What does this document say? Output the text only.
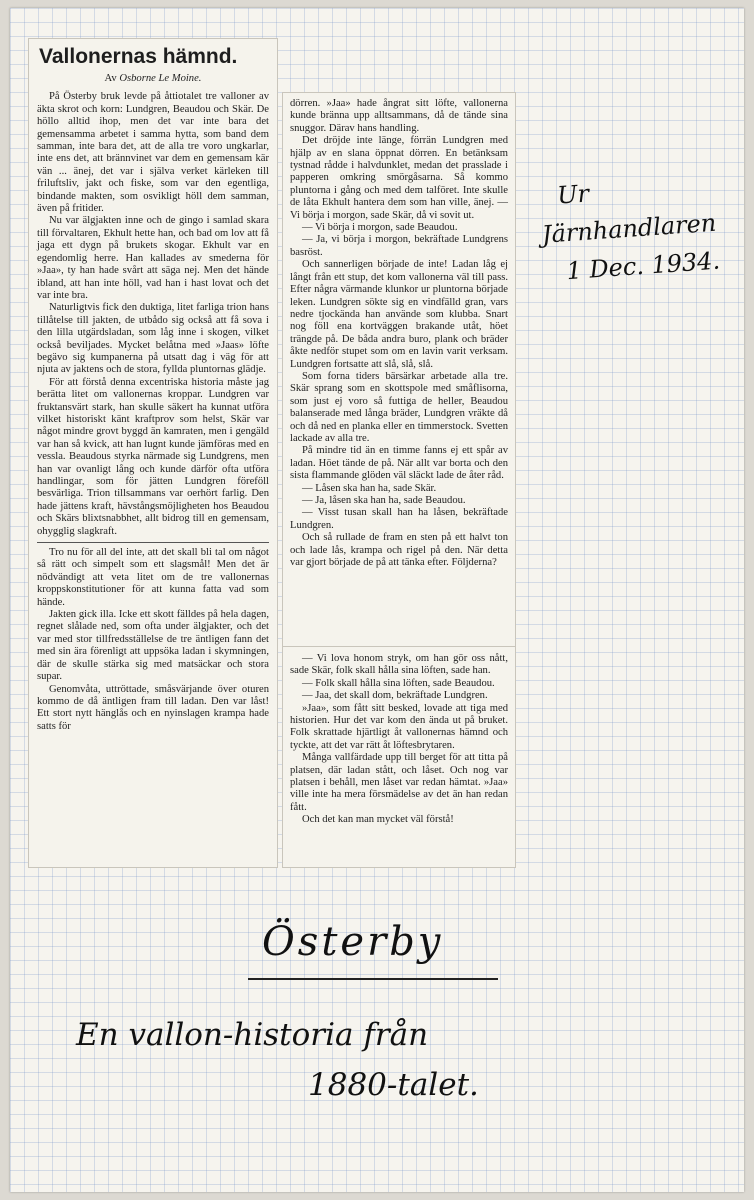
Vallonernas hämnd.
Av Osborne Le Moine.

På Österby bruk levde på åttiotalet tre valloner av äkta skrot och korn: Lundgren, Beaudou och Skär. De höllo alltid ihop, men det var inte bara det gemensamma arbetet i samma hytta, som band dem samman, inte bara det, att de alla tre voro ungkarlar, inte ens det, att brännvinet var dem en gemensam kär vän ... änej, det var i själva verket kärleken till friluftsliv, jakt och fiske, som var den egentliga, bindande makten, som osvikligt höll dem samman, även på fritider.

Nu var älgjakten inne och de gingo i samlad skara till förvaltaren, Ekhult hette han, och bad om lov att få jaga ett dygn på brukets skogar. Ekhult var en egendomlig herre. Han kallades av smederna för »Jaa», ty han hade svårt att säga nej. Men det hände ibland, att han inte höll, vad han i hast lovat och det var inte bra.

Naturligtvis fick den duktiga, litet farliga trion hans tillåtelse till jakten, de utbådo sig också att få sova i den lilla utgärdsladan, som låg inne i skogen, vilket också beviljades. Mycket belåtna med »Jaas» löfte begävo sig kumpanerna på utsatt dag i väg för att njuta av jaktens och de stora, fyllda pluntornas glädje.

För att förstå denna excentriska historia måste jag berätta litet om vallonernas kroppar. Lundgren var fruktansvärt stark, han skulle säkert ha kunnat utföra vilket historiskt känt kraftprov som helst, Skär var något mindre grovt byggd än kamraten, men i gengäld var han så kvick, att han lugnt kunde jämföras med en vessla. Beaudous styrka närmade sig Lundgrens, men han var ovanligt lång och kunde därför ofta utföra handlingar, som för jätten Lundgren föreföll besvärliga. Trion tillsammans var oerhört farlig. Den hade jättens kraft, hävstångsmöjligheten hos Beaudou och Skärs blixtsnabbhet, allt bidrog till en gemensam, ohygglig slagkraft.

Tro nu för all del inte, att det skall bli tal om något så rätt och simpelt som ett slagsmål! Men det är nödvändigt att veta litet om de tre vallonernas kroppskonstitutioner för att kunna fatta vad som hände.

Jakten gick illa. Icke ett skott fälldes på hela dagen, regnet slålade ned, som ofta under älgjakter, och det var med stor tillfredsställelse de tre äntligen fann det med sin ära förenligt att uppsöka ladan i skymningen, där de skulle stärka sig med matsäckar och stora supar.

Genomvåta, uttröttade, småsvärjande över oturen kommo de då äntligen fram till ladan. Den var låst! Ett stort nytt hänglås och en nyinslagen krampa hade satts för

dörren. »Jaa» hade ångrat sitt löfte, vallonerna kunde bränna upp alltsammans, då de tände sina snuggor. Därav hans handling.

Det dröjde inte länge, förrän Lundgren med hjälp av en slana öppnat dörren. En betänksam tystnad rådde i halvdunklet, medan det prasslade i papperen omkring smörgåsarna. Så kommo pluntorna i gång och med dem talföret. Inte skulle de låta Ekhult hantera dem som han ville, änej. — Vi börja i morgon, sade Skär, då vi sovit ut.

— Vi börja i morgon, sade Beaudou.

— Ja, vi börja i morgon, bekräftade Lundgrens basröst.

Och sannerligen började de inte! Ladan låg ej långt från ett stup, det kom vallonerna väl till pass. Efter några värmande klunkor ur pluntorna började leken. Lundgren sökte sig en vindfälld gran, vars nedre tjockända han använde som klubba. Snart nog föll ena kortväggen brakande utåt, höet trängde på. De båda andra buro, plank och bräder åkte nedför stupet som om en lavin varit verksam. Lundgren fortsatte att slå, slå, slå.

Som forna tiders bärsärkar arbetade alla tre. Skär sprang som en skottspole med småflisorna, som just ej voro så futtiga de heller, Beaudou balanserade med långa bräder, Lundgren vräkte då och då ned en planka eller en timmerstock. Svetten lackade av alla tre.

På mindre tid än en timme fanns ej ett spår av ladan. Höet tände de på. När allt var borta och den sista flammande glöden väl släckt lade de åter råd.

— Låsen ska han ha, sade Skär.

— Ja, låsen ska han ha, sade Beaudou.

— Visst tusan skall han ha låsen, bekräftade Lundgren.

Och så rullade de fram en sten på ett halvt ton och lade lås, krampa och rigel på den. När detta var gjort började de på att tänka efter. Följderna?

— Vi lova honom stryk, om han gör oss nått, sade Skär, folk skall hålla sina löften, sade han.

— Folk skall hålla sina löften, sade Beaudou.

— Jaa, det skall dom, bekräftade Lundgren.

»Jaa», som fått sitt besked, lovade att tiga med historien. Hur det var kom den ända ut på bruket. Folk skrattade hjärtligt åt vallonernas hämnd och tyckte, att det var rätt åt löftesbrytaren.

Många vallfärdade upp till berget för att titta på platsen, där ladan stått, och låset. Och nog var platsen i behåll, men låset var redan hämtat. »Jaa» ville inte ha mera försmädelse av det än han redan fått.

Och det kan man mycket väl förstå!

Ur
Järnhandlaren
1 Dec. 1934.
Österby
En vallon-historia från
1880-talet.
